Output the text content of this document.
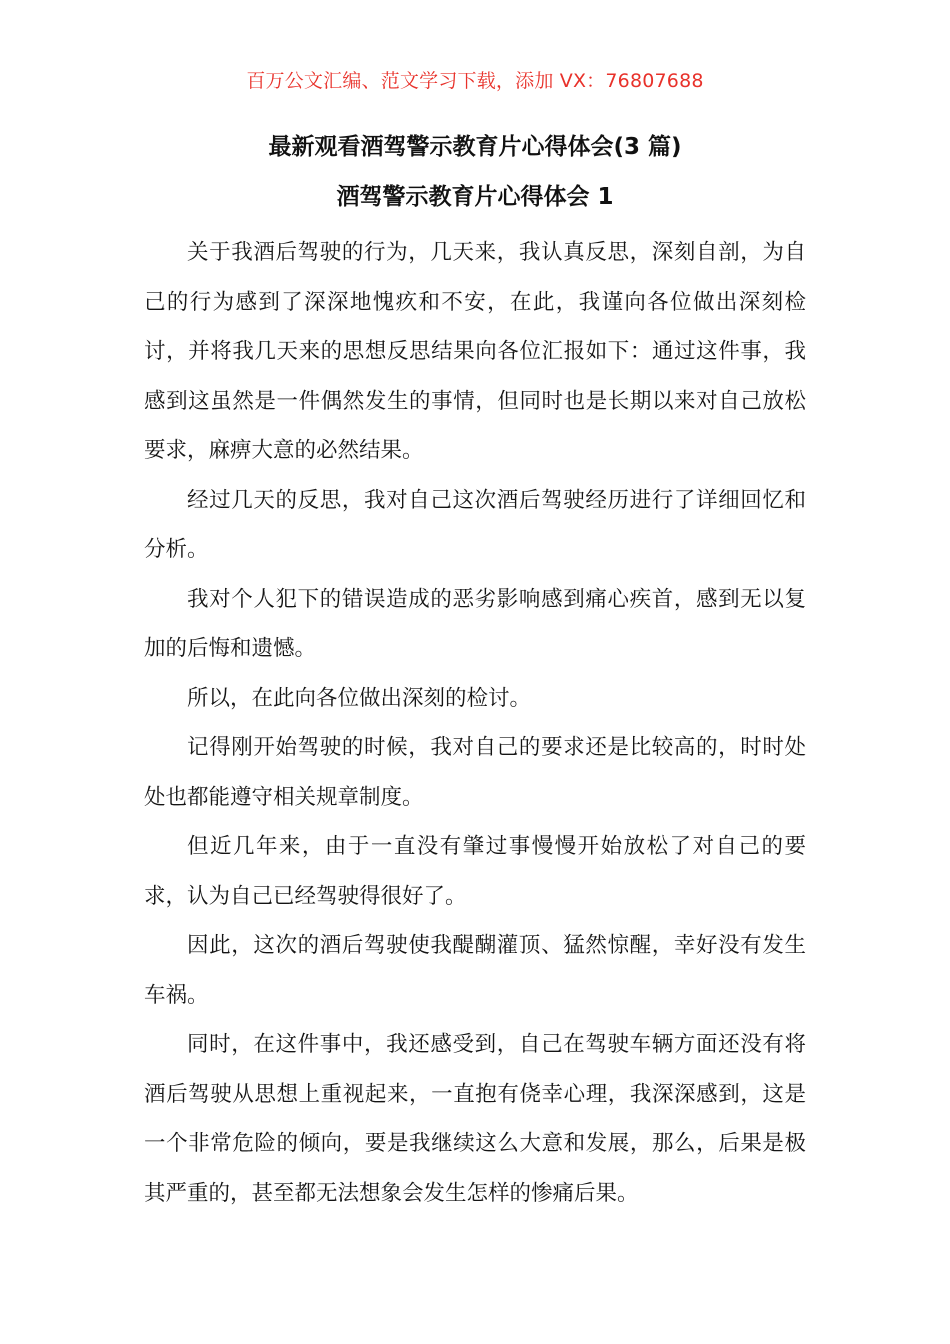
百万公文汇编、范文学习下载，添加 VX：76807688
最新观看酒驾警示教育片心得体会(3 篇)
酒驾警示教育片心得体会 1

关于我酒后驾驶的行为，几天来，我认真反思，深刻自剖，为自己的行为感到了深深地愧疚和不安，在此，我谨向各位做出深刻检讨，并将我几天来的思想反思结果向各位汇报如下：通过这件事，我感到这虽然是一件偶然发生的事情，但同时也是长期以来对自己放松要求，麻痹大意的必然结果。

经过几天的反思，我对自己这次酒后驾驶经历进行了详细回忆和分析。

我对个人犯下的错误造成的恶劣影响感到痛心疾首，感到无以复加的后悔和遗憾。

所以，在此向各位做出深刻的检讨。

记得刚开始驾驶的时候，我对自己的要求还是比较高的，时时处处也都能遵守相关规章制度。

但近几年来，由于一直没有肇过事慢慢开始放松了对自己的要求，认为自己已经驾驶得很好了。

因此，这次的酒后驾驶使我醍醐灌顶、猛然惊醒，幸好没有发生车祸。

同时，在这件事中，我还感受到，自己在驾驶车辆方面还没有将酒后驾驶从思想上重视起来，一直抱有侥幸心理，我深深感到，这是一个非常危险的倾向，要是我继续这么大意和发展，那么，后果是极其严重的，甚至都无法想象会发生怎样的惨痛后果。
